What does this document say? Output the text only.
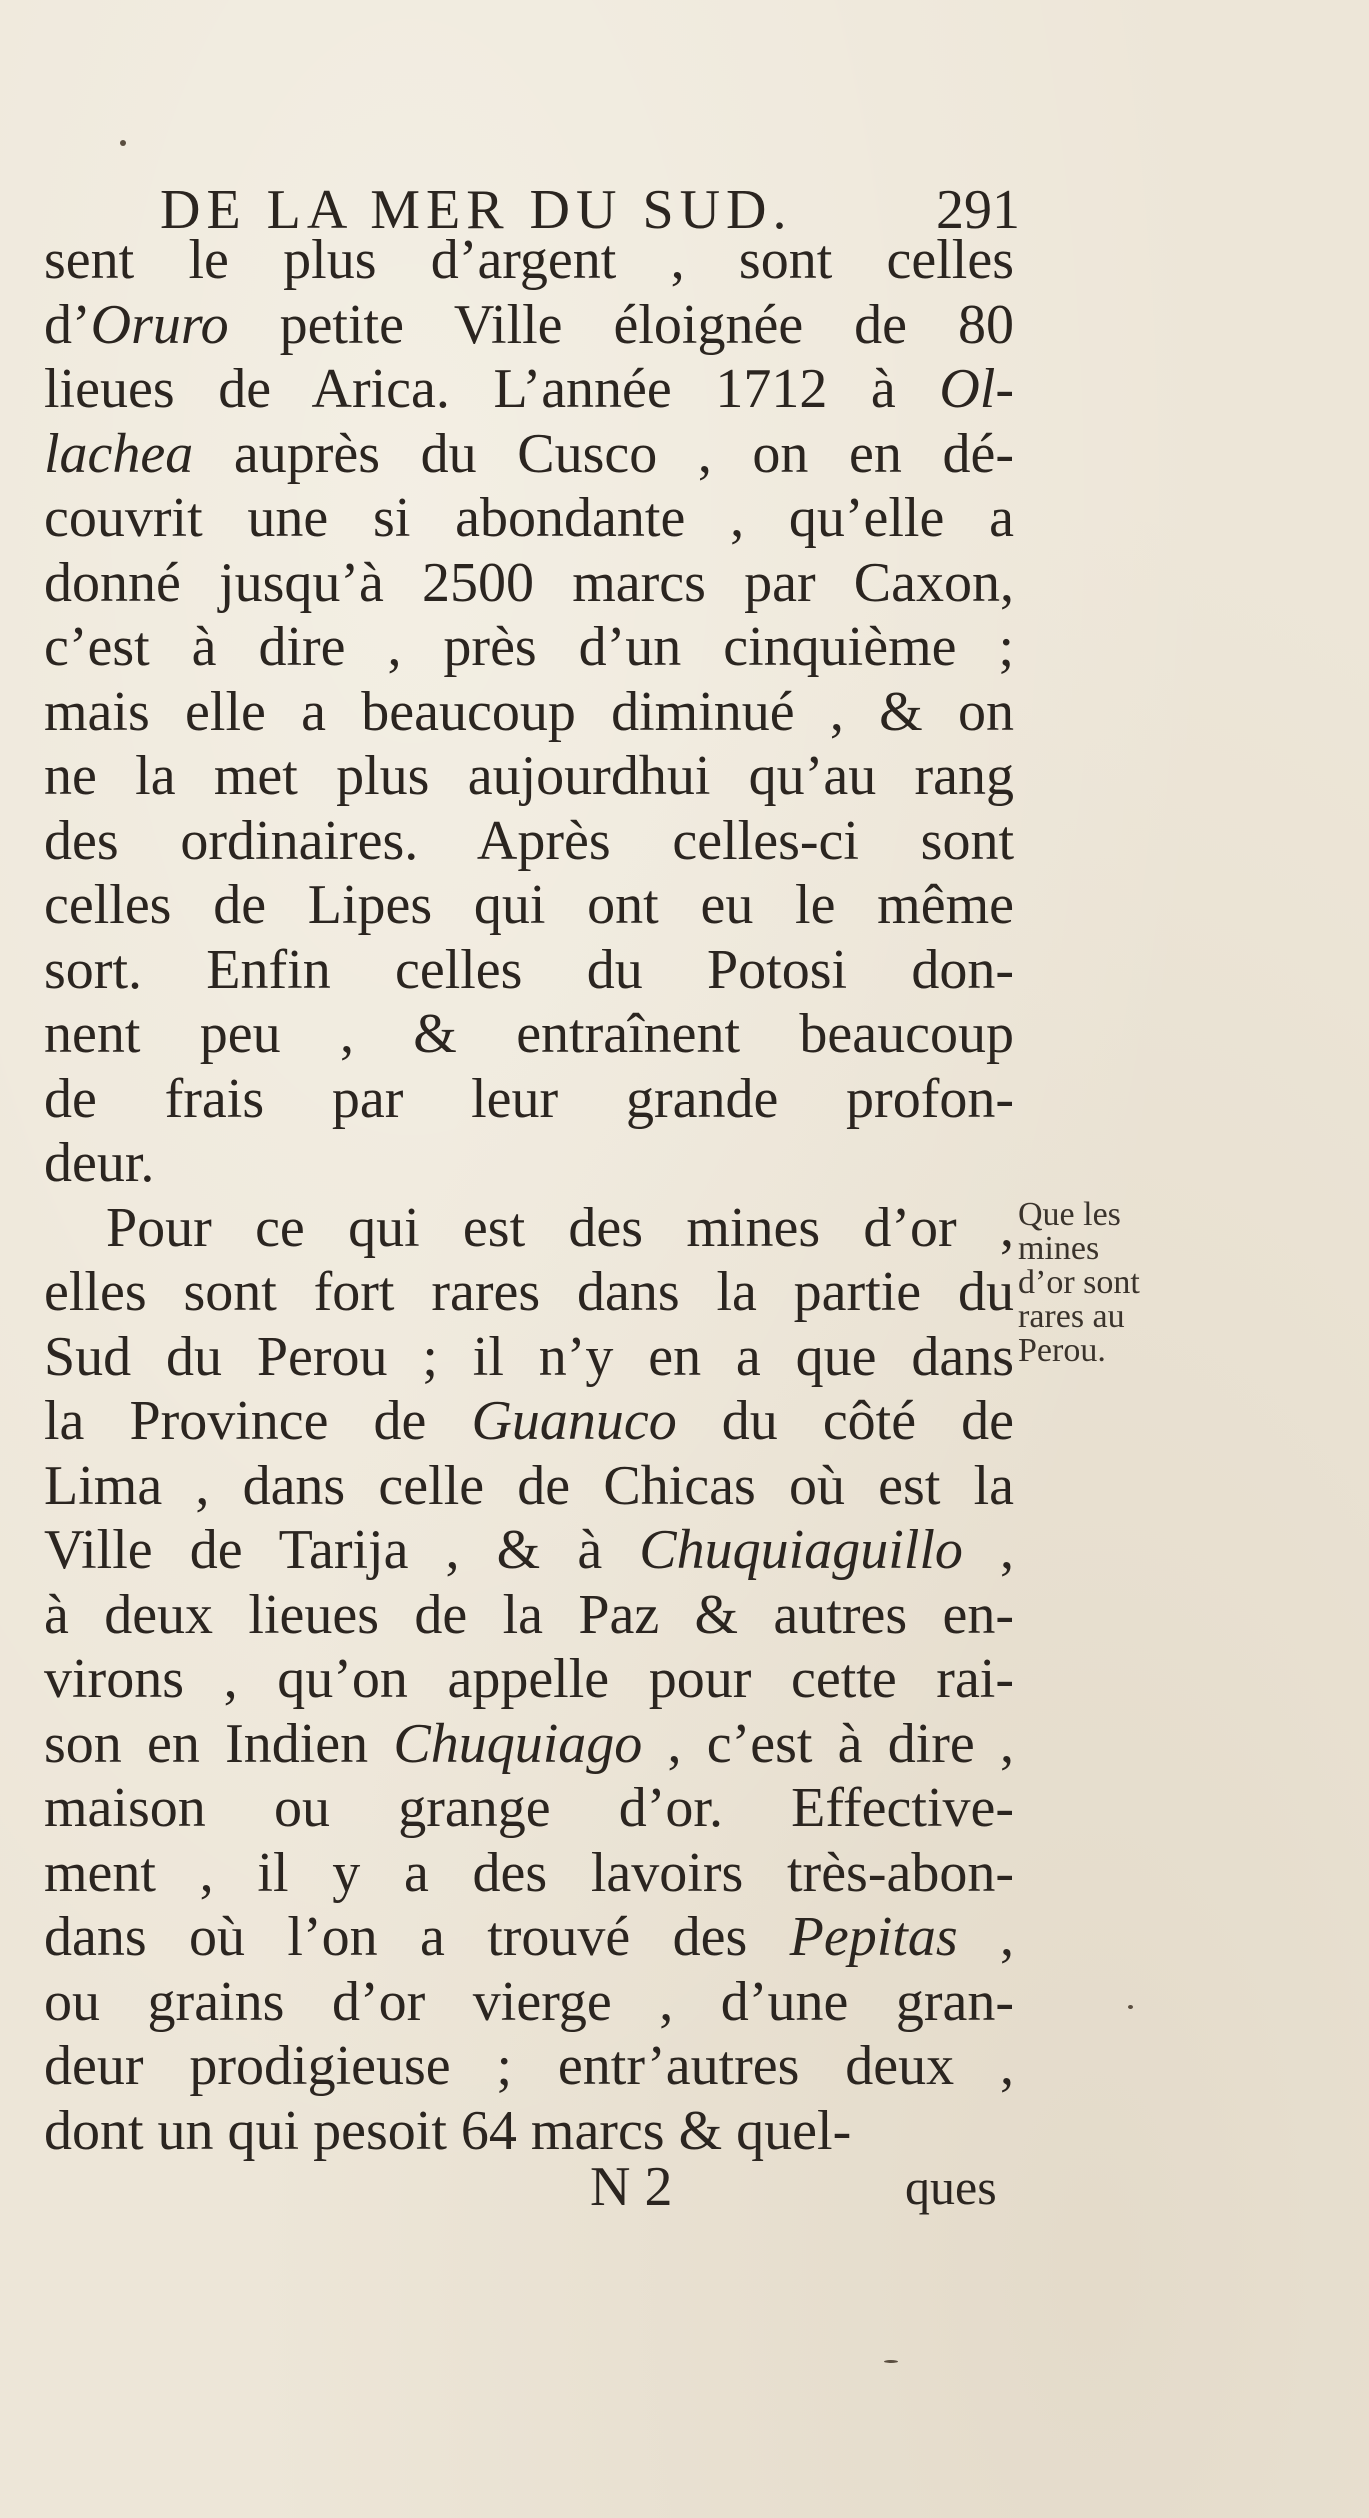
DE LA MER DU SUD.	291
sent le plus d’argent , sont celles
d’Oruro petite Ville éloignée de 80
lieues de Arica. L’année 1712 à Ol-
lachea auprès du Cusco , on en dé-
couvrit une si abondante , qu’elle a
donné jusqu’à 2500 marcs par Caxon,
c’est à dire , près d’un cinquième ;
mais elle a beaucoup diminué , & on
ne la met plus aujourdhui qu’au rang
des ordinaires. Après celles-ci sont
celles de Lipes qui ont eu le même
sort. Enfin celles du Potosi don-
nent peu , & entraînent beaucoup
de frais par leur grande profon-
deur.
Pour ce qui est des mines d’or ,
elles sont fort rares dans la partie du
Sud du Perou ; il n’y en a que dans
la Province de Guanuco du côté de
Lima , dans celle de Chicas où est la
Ville de Tarija , & à Chuquiaguillo ,
à deux lieues de la Paz & autres en-
virons , qu’on appelle pour cette rai-
son en Indien Chuquiago , c’est à dire ,
maison ou grange d’or. Effective-
ment , il y a des lavoirs très-abon-
dans où l’on a trouvé des Pepitas ,
ou grains d’or vierge , d’une gran-
deur prodigieuse ; entr’autres deux ,
dont un qui pesoit 64 marcs & quel-
Que les
mines
d’or sont
rares au
Perou.
N 2	ques
